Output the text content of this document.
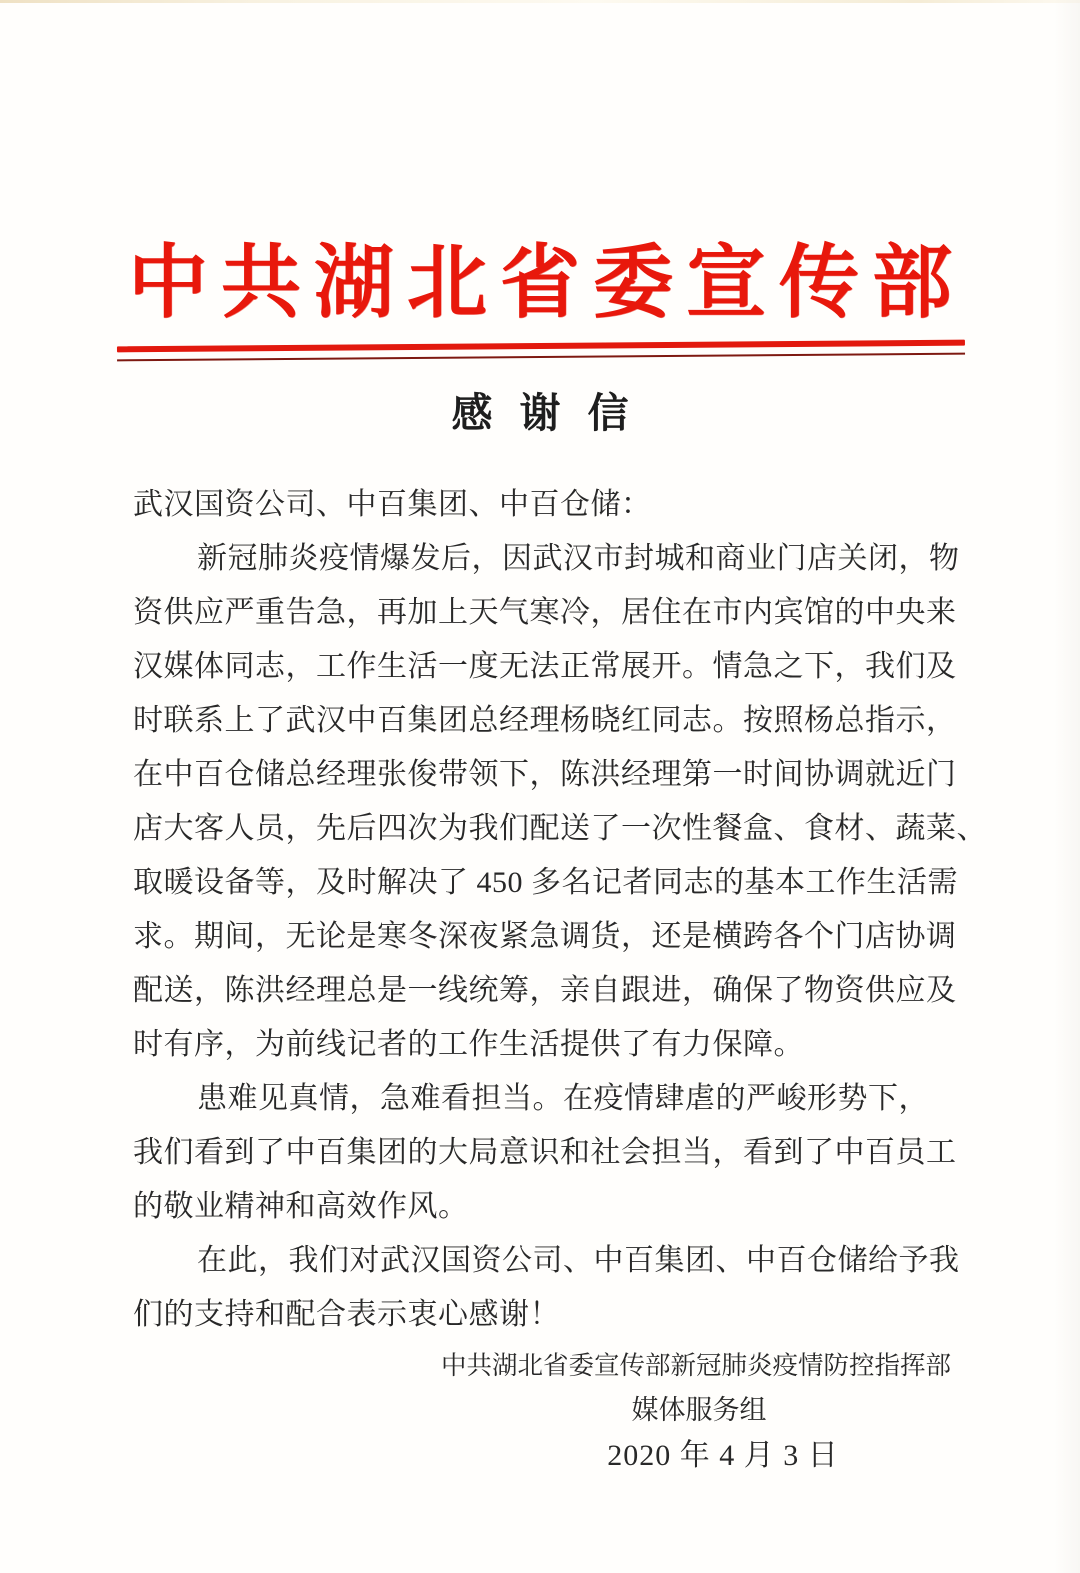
中共湖北省委宣传部
感谢信
武汉国资公司、中百集团、中百仓储：
新冠肺炎疫情爆发后，因武汉市封城和商业门店关闭，物
资供应严重告急，再加上天气寒冷，居住在市内宾馆的中央来
汉媒体同志，工作生活一度无法正常展开。情急之下，我们及
时联系上了武汉中百集团总经理杨晓红同志。按照杨总指示，
在中百仓储总经理张俊带领下，陈洪经理第一时间协调就近门
店大客人员，先后四次为我们配送了一次性餐盒、食材、蔬菜、
取暖设备等，及时解决了 450 多名记者同志的基本工作生活需
求。期间，无论是寒冬深夜紧急调货，还是横跨各个门店协调
配送，陈洪经理总是一线统筹，亲自跟进，确保了物资供应及
时有序，为前线记者的工作生活提供了有力保障。
患难见真情，急难看担当。在疫情肆虐的严峻形势下，
我们看到了中百集团的大局意识和社会担当，看到了中百员工
的敬业精神和高效作风。
在此，我们对武汉国资公司、中百集团、中百仓储给予我
们的支持和配合表示衷心感谢！
中共湖北省委宣传部新冠肺炎疫情防控指挥部
媒体服务组
2020 年 4 月 3 日
